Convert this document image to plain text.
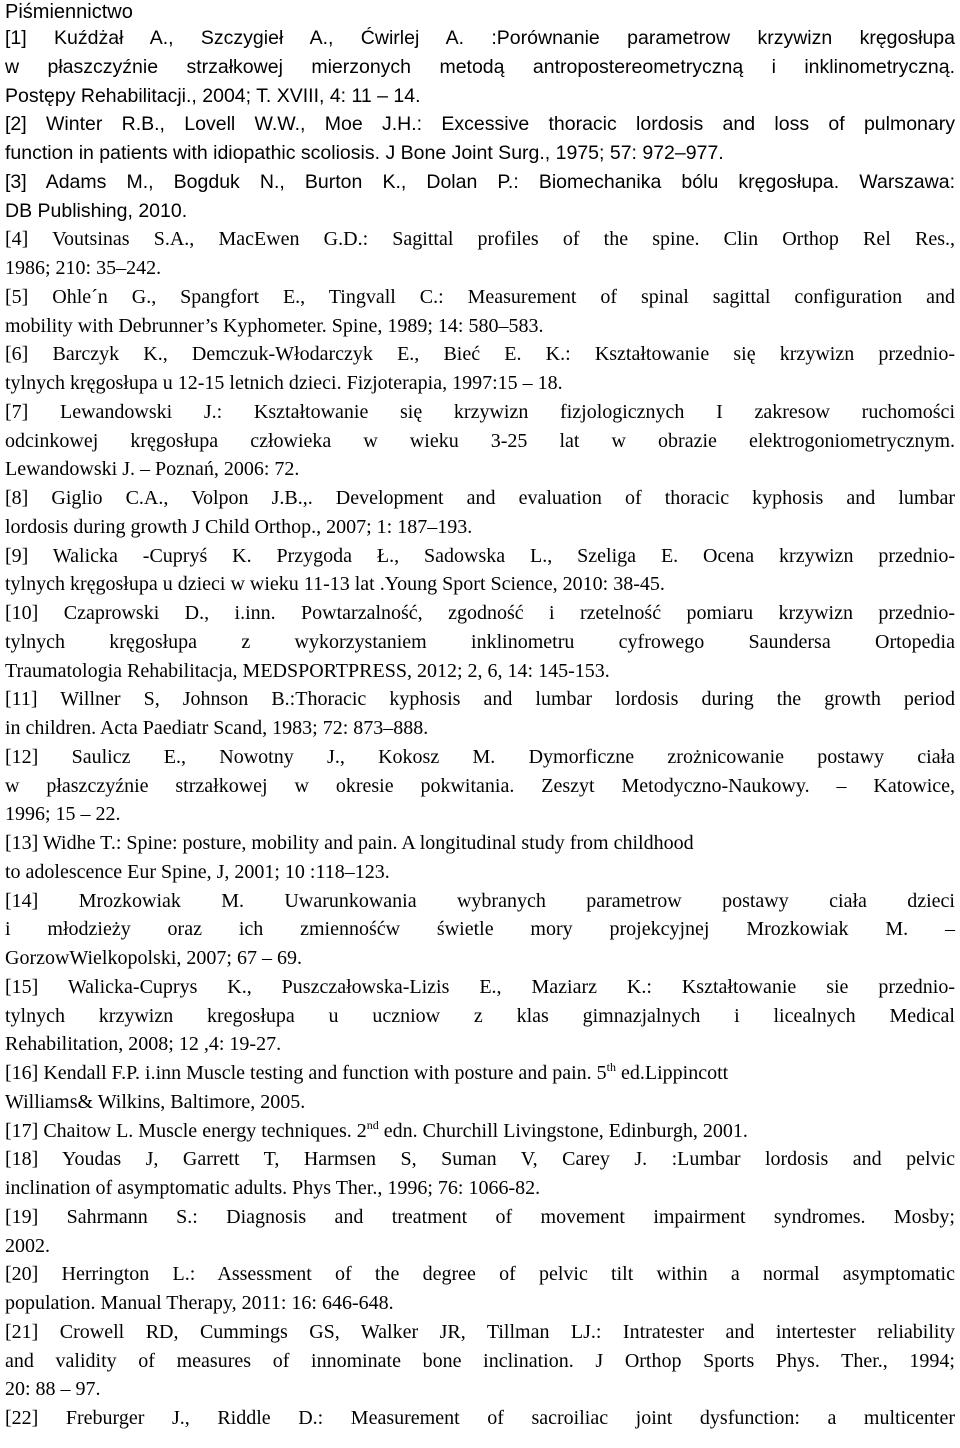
Piśmiennictwo
[1] Kuźdżał A., Szczygieł A., Ćwirlej A. :Porównanie parametrow krzywizn kręgosłupa
w płaszczyźnie strzałkowej mierzonych metodą antropostereometryczną i inklinometryczną.
Postępy Rehabilitacji., 2004; T. XVIII, 4: 11 – 14.
[2] Winter R.B., Lovell W.W., Moe J.H.: Excessive thoracic lordosis and loss of pulmonary
function in patients with idiopathic scoliosis. J Bone Joint Surg., 1975; 57: 972–977.
[3] Adams M., Bogduk N., Burton K., Dolan P.: Biomechanika bólu kręgosłupa. Warszawa:
DB Publishing, 2010.
[4] Voutsinas S.A., MacEwen G.D.: Sagittal profiles of the spine. Clin Orthop Rel Res.,
1986; 210: 35–242.
[5] Ohle´n G., Spangfort E., Tingvall C.: Measurement of spinal sagittal configuration and
mobility with Debrunner’s Kyphometer. Spine, 1989; 14: 580–583.
[6] Barczyk K., Demczuk-Włodarczyk E., Bieć E. K.: Kształtowanie się krzywizn przednio-
tylnych kręgosłupa u 12-15 letnich dzieci. Fizjoterapia, 1997:15 – 18.
[7] Lewandowski J.: Kształtowanie się krzywizn fizjologicznych I zakresow ruchomości
odcinkowej kręgosłupa człowieka w wieku 3-25 lat w obrazie elektrogoniometrycznym.
Lewandowski J. – Poznań, 2006: 72.
[8] Giglio C.A., Volpon J.B.,. Development and evaluation of thoracic kyphosis and lumbar
lordosis during growth J Child Orthop., 2007; 1: 187–193.
[9] Walicka -Cupryś K. Przygoda Ł., Sadowska L., Szeliga E. Ocena krzywizn przednio-
tylnych kręgosłupa u dzieci w wieku 11-13 lat .Young Sport Science, 2010: 38-45.
[10] Czaprowski D., i.inn. Powtarzalność, zgodność i rzetelność pomiaru krzywizn przednio-
tylnych kręgosłupa z wykorzystaniem inklinometru cyfrowego Saundersa Ortopedia
Traumatologia Rehabilitacja, MEDSPORTPRESS, 2012; 2, 6, 14: 145-153.
[11] Willner S, Johnson B.:Thoracic kyphosis and lumbar lordosis during the growth period
in children. Acta Paediatr Scand, 1983; 72: 873–888.
[12] Saulicz E., Nowotny J., Kokosz M. Dymorficzne zrożnicowanie postawy ciała
w płaszczyźnie strzałkowej w okresie pokwitania. Zeszyt Metodyczno-Naukowy. – Katowice,
1996; 15 – 22.
[13] Widhe T.: Spine: posture, mobility and pain. A longitudinal study from childhood
to adolescence Eur Spine, J, 2001; 10 :118–123.
[14] Mrozkowiak M. Uwarunkowania wybranych parametrow postawy ciała dzieci
i młodzieży oraz ich zmiennośćw świetle mory projekcyjnej Mrozkowiak M. –
GorzowWielkopolski, 2007; 67 – 69.
[15] Walicka-Cuprys K., Puszczałowska-Lizis E., Maziarz K.: Kształtowanie sie przednio-
tylnych krzywizn kregosłupa u uczniow z klas gimnazjalnych i licealnych Medical
Rehabilitation, 2008; 12 ,4: 19-27.
[16] Kendall F.P. i.inn Muscle testing and function with posture and pain. 5th ed.Lippincott
Williams& Wilkins, Baltimore, 2005.
[17] Chaitow L. Muscle energy techniques. 2nd edn. Churchill Livingstone, Edinburgh, 2001.
[18] Youdas J, Garrett T, Harmsen S, Suman V, Carey J. :Lumbar lordosis and pelvic
inclination of asymptomatic adults. Phys Ther., 1996; 76: 1066-82.
[19] Sahrmann S.: Diagnosis and treatment of movement impairment syndromes. Mosby;
2002.
[20] Herrington L.: Assessment of the degree of pelvic tilt within a normal asymptomatic
population. Manual Therapy, 2011: 16: 646-648.
[21] Crowell RD, Cummings GS, Walker JR, Tillman LJ.: Intratester and intertester reliability
and validity of measures of innominate bone inclination. J Orthop Sports Phys. Ther., 1994;
20: 88 – 97.
[22] Freburger J., Riddle D.: Measurement of sacroiliac joint dysfunction: a multicenter
